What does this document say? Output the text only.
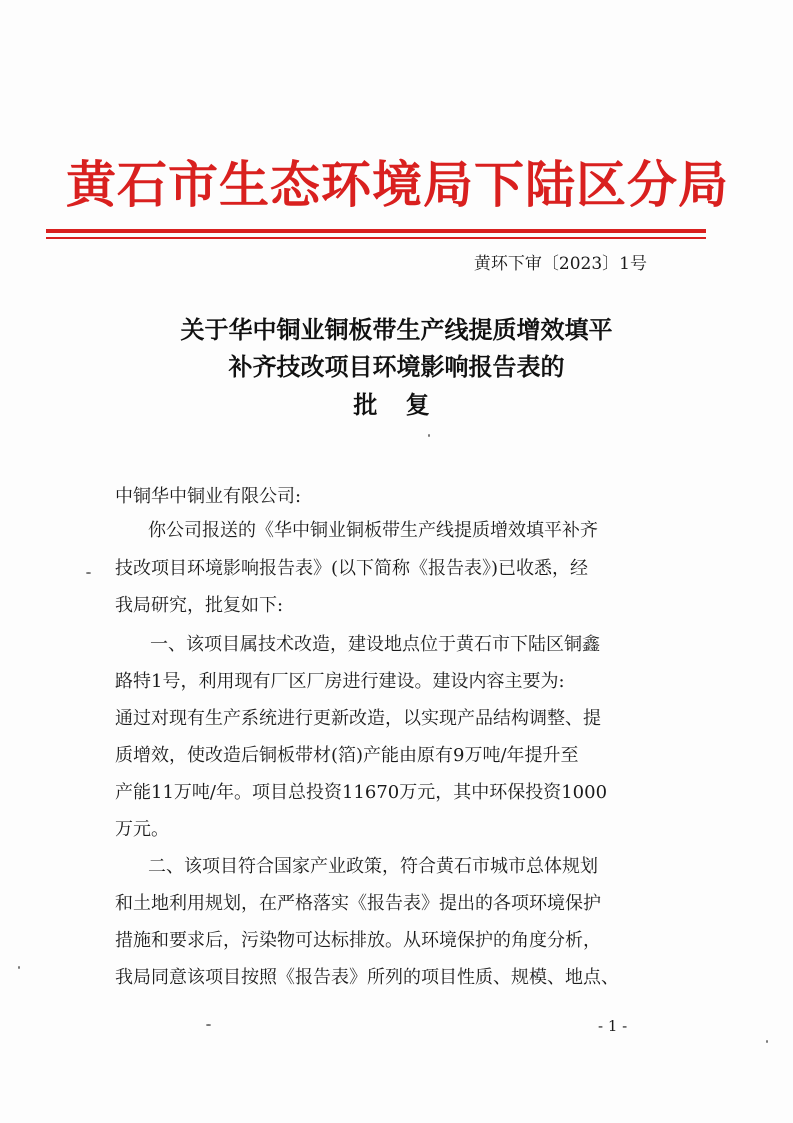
黄石市生态环境局下陆区分局
黄环下审〔2023〕1号
关于华中铜业铜板带生产线提质增效填平
补齐技改项目环境影响报告表的
批 复
中铜华中铜业有限公司:
你公司报送的《华中铜业铜板带生产线提质增效填平补齐
技改项目环境影响报告表》(以下简称《报告表》)已收悉，经
我局研究，批复如下:
一、该项目属技术改造，建设地点位于黄石市下陆区铜鑫
路特1号，利用现有厂区厂房进行建设。建设内容主要为:
通过对现有生产系统进行更新改造，以实现产品结构调整、提
质增效，使改造后铜板带材(箔)产能由原有9万吨/年提升至
产能11万吨/年。项目总投资11670万元，其中环保投资1000
万元。
二、该项目符合国家产业政策，符合黄石市城市总体规划
和土地利用规划，在严格落实《报告表》提出的各项环境保护
措施和要求后，污染物可达标排放。从环境保护的角度分析，
我局同意该项目按照《报告表》所列的项目性质、规模、地点、
- 1 -
